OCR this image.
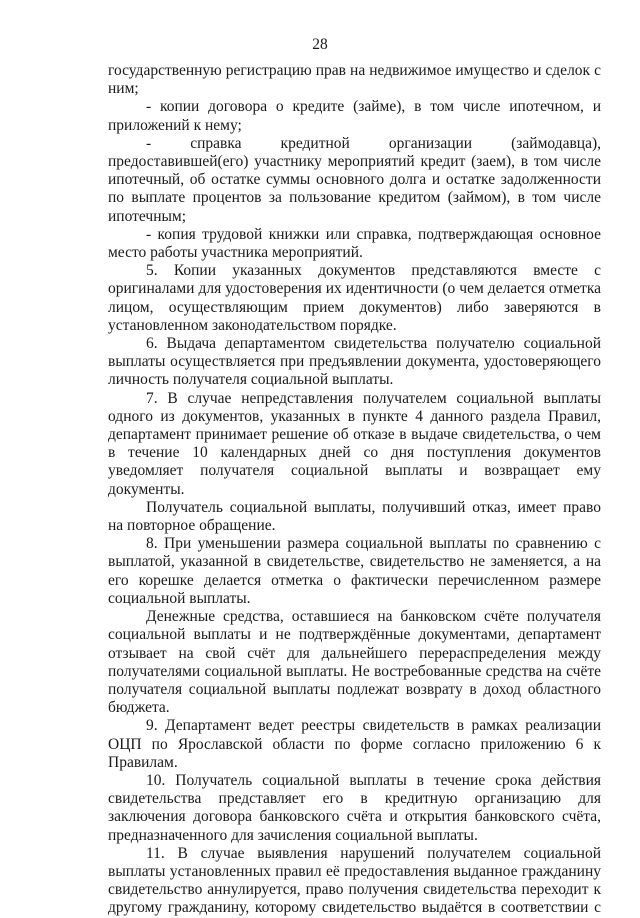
28

государственную регистрацию прав на недвижимое имущество и сделок с ним;

- копии договора о кредите (займе), в том числе ипотечном, и приложений к нему;

- справка кредитной организации (займодавца), предоставившей(его) участнику мероприятий кредит (заем), в том числе ипотечный, об остатке суммы основного долга и остатке задолженности по выплате процентов за пользование кредитом (займом), в том числе ипотечным;

- копия трудовой книжки или справка, подтверждающая основное место работы участника мероприятий.

5. Копии указанных документов представляются вместе с оригиналами для удостоверения их идентичности (о чем делается отметка лицом, осуществляющим прием документов) либо заверяются в установленном законодательством порядке.

6. Выдача департаментом свидетельства получателю социальной выплаты осуществляется при предъявлении документа, удостоверяющего личность получателя социальной выплаты.

7. В случае непредставления получателем социальной выплаты одного из документов, указанных в пункте 4 данного раздела Правил, департамент принимает решение об отказе в выдаче свидетельства, о чем в течение 10 календарных дней со дня поступления документов уведомляет получателя социальной выплаты и возвращает ему документы.

Получатель социальной выплаты, получивший отказ, имеет право на повторное обращение.

8. При уменьшении размера социальной выплаты по сравнению с выплатой, указанной в свидетельстве, свидетельство не заменяется, а на его корешке делается отметка о фактически перечисленном размере социальной выплаты.

Денежные средства, оставшиеся на банковском счёте получателя социальной выплаты и не подтверждённые документами, департамент отзывает на свой счёт для дальнейшего перераспределения между получателями социальной выплаты. Не востребованные средства на счёте получателя социальной выплаты подлежат возврату в доход областного бюджета.

9. Департамент ведет реестры свидетельств в рамках реализации ОЦП по Ярославской области по форме согласно приложению 6 к Правилам.

10. Получатель социальной выплаты в течение срока действия свидетельства представляет его в кредитную организацию для заключения договора банковского счёта и открытия банковского счёта, предназначенного для зачисления социальной выплаты.

11. В случае выявления нарушений получателем социальной выплаты установленных правил её предоставления выданное гражданину свидетельство аннулируется, право получения свидетельства переходит к другому гражданину, которому свидетельство выдаётся в соответствии с
